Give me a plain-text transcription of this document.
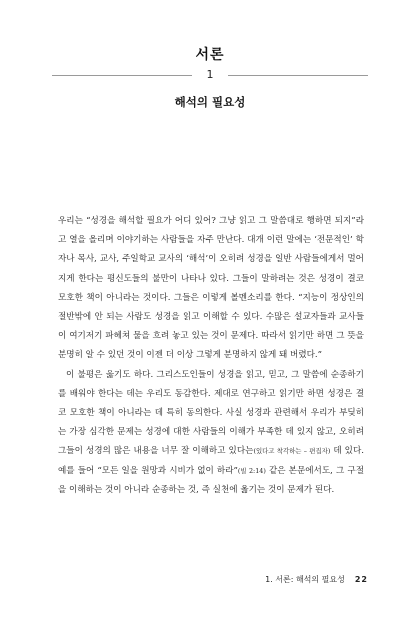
서론
1
해석의 필요성

우리는 “성경을 해석할 필요가 어디 있어? 그냥 읽고 그 말씀대로 행하면 되지”라고 열을 올리며 이야기하는 사람들을 자주 만난다. 대개 이런 말에는 ‘전문적인’ 학자나 목사, 교사, 주일학교 교사의 ‘해석’이 오히려 성경을 일반 사람들에게서 멀어지게 한다는 평신도들의 불만이 나타나 있다. 그들이 말하려는 것은 성경이 결코 모호한 책이 아니라는 것이다. 그들은 이렇게 볼멘소리를 한다. “지능이 정상인의 절반밖에 안 되는 사람도 성경을 읽고 이해할 수 있다. 수많은 설교자들과 교사들이 여기저기 파헤쳐 물을 흐려 놓고 있는 것이 문제다. 따라서 읽기만 하면 그 뜻을 분명히 알 수 있던 것이 이젠 더 이상 그렇게 분명하지 않게 돼 버렸다.”

이 불평은 옳기도 하다. 그리스도인들이 성경을 읽고, 믿고, 그 말씀에 순종하기를 배워야 한다는 데는 우리도 동감한다. 제대로 연구하고 읽기만 하면 성경은 결코 모호한 책이 아니라는 데 특히 동의한다. 사실 성경과 관련해서 우리가 부딪히는 가장 심각한 문제는 성경에 대한 사람들의 이해가 부족한 데 있지 않고, 오히려 그들이 성경의 많은 내용을 너무 잘 이해하고 있다는(있다고 착각하는 – 편집자) 데 있다. 예를 들어 “모든 일을 원망과 시비가 없이 하라”(빌 2:14) 같은 본문에서도, 그 구절을 이해하는 것이 아니라 순종하는 것, 즉 실천에 옮기는 것이 문제가 된다.

1. 서론: 해석의 필요성 22
